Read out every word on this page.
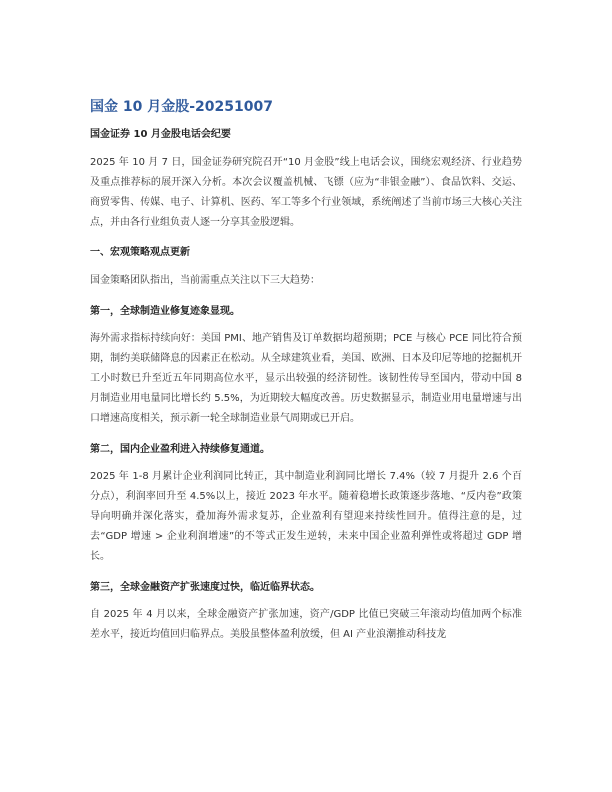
国金 10 月金股-20251007

国金证券 10 月金股电话会纪要

2025 年 10 月 7 日，国金证券研究院召开“10 月金股”线上电话会议，围绕宏观经济、行业趋势及重点推荐标的展开深入分析。本次会议覆盖机械、飞镖（应为“非银金融”）、食品饮料、交运、商贸零售、传媒、电子、计算机、医药、军工等多个行业领域，系统阐述了当前市场三大核心关注点，并由各行业组负责人逐一分享其金股逻辑。

一、宏观策略观点更新

国金策略团队指出，当前需重点关注以下三大趋势：

第一，全球制造业修复迹象显现。

海外需求指标持续向好：美国 PMI、地产销售及订单数据均超预期；PCE 与核心 PCE 同比符合预期，制约美联储降息的因素正在松动。从全球建筑业看，美国、欧洲、日本及印尼等地的挖掘机开工小时数已升至近五年同期高位水平，显示出较强的经济韧性。该韧性传导至国内，带动中国 8 月制造业用电量同比增长约 5.5%，为近期较大幅度改善。历史数据显示，制造业用电量增速与出口增速高度相关，预示新一轮全球制造业景气周期或已开启。

第二，国内企业盈利进入持续修复通道。

2025 年 1-8 月累计企业利润同比转正，其中制造业利润同比增长 7.4%（较 7 月提升 2.6 个百分点），利润率回升至 4.5%以上，接近 2023 年水平。随着稳增长政策逐步落地、“反内卷”政策导向明确并深化落实，叠加海外需求复苏，企业盈利有望迎来持续性回升。值得注意的是，过去“GDP 增速 > 企业利润增速”的不等式正发生逆转，未来中国企业盈利弹性或将超过 GDP 增长。

第三，全球金融资产扩张速度过快，临近临界状态。

自 2025 年 4 月以来，全球金融资产扩张加速，资产/GDP 比值已突破三年滚动均值加两个标准差水平，接近均值回归临界点。美股虽整体盈利放缓，但 AI 产业浪潮推动科技龙
